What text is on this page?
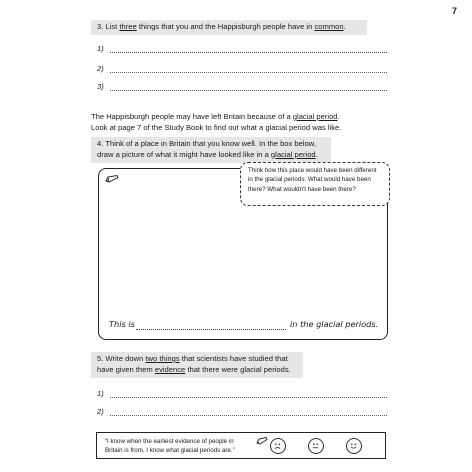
7
3. List three things that you and the Happisburgh people have in common.
1)
2)
3)
The Happisburgh people may have left Britain because of a glacial period.
Look at page 7 of the Study Book to find out what a glacial period was like.
4. Think of a place in Britain that you know well. In the box below,
draw a picture of what it might have looked like in a glacial period.
Think how this place would have been different
in the glacial periods. What would have been
there? What wouldn't have been there?
This is	in the glacial periods.
5. Write down two things that scientists have studied that
have given them evidence that there were glacial periods.
1)
2)
“I know when the earliest evidence of people in
Britain is from. I know what glacial periods are.”
